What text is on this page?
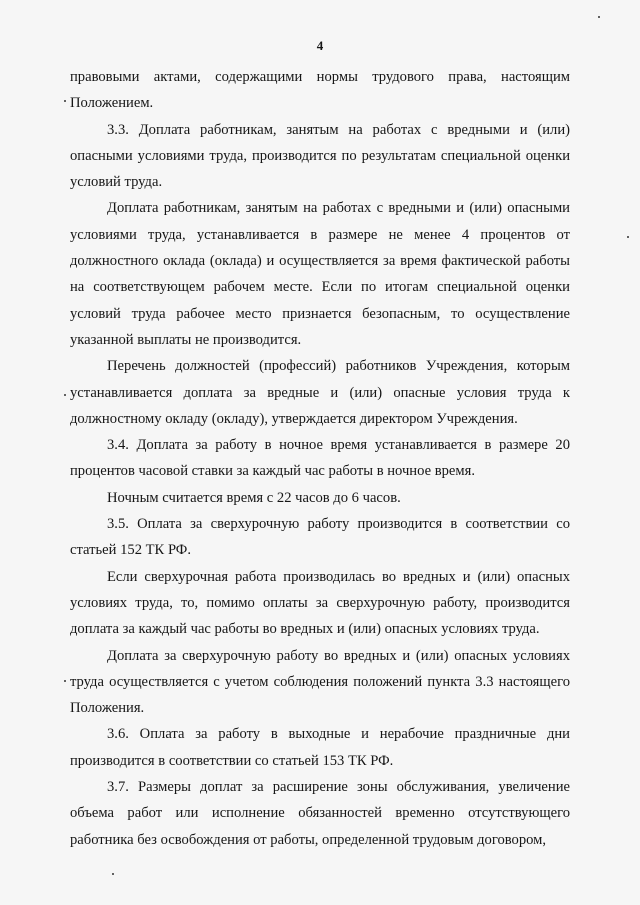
4

правовыми актами, содержащими нормы трудового права, настоящим Положением.

3.3. Доплата работникам, занятым на работах с вредными и (или) опасными условиями труда, производится по результатам специальной оценки условий труда.

Доплата работникам, занятым на работах с вредными и (или) опасными условиями труда, устанавливается в размере не менее 4 процентов от должностного оклада (оклада) и осуществляется за время фактической работы на соответствующем рабочем месте. Если по итогам специальной оценки условий труда рабочее место признается безопасным, то осуществление указанной выплаты не производится.

Перечень должностей (профессий) работников Учреждения, которым устанавливается доплата за вредные и (или) опасные условия труда к должностному окладу (окладу), утверждается директором Учреждения.

3.4. Доплата за работу в ночное время устанавливается в размере 20 процентов часовой ставки за каждый час работы в ночное время.

Ночным считается время с 22 часов до 6 часов.

3.5. Оплата за сверхурочную работу производится в соответствии со статьей 152 ТК РФ.

Если сверхурочная работа производилась во вредных и (или) опасных условиях труда, то, помимо оплаты за сверхурочную работу, производится доплата за каждый час работы во вредных и (или) опасных условиях труда.

Доплата за сверхурочную работу во вредных и (или) опасных условиях труда осуществляется с учетом соблюдения положений пункта 3.3 настоящего Положения.

3.6. Оплата за работу в выходные и нерабочие праздничные дни производится в соответствии со статьей 153 ТК РФ.

3.7. Размеры доплат за расширение зоны обслуживания, увеличение объема работ или исполнение обязанностей временно отсутствующего работника без освобождения от работы, определенной трудовым договором,
